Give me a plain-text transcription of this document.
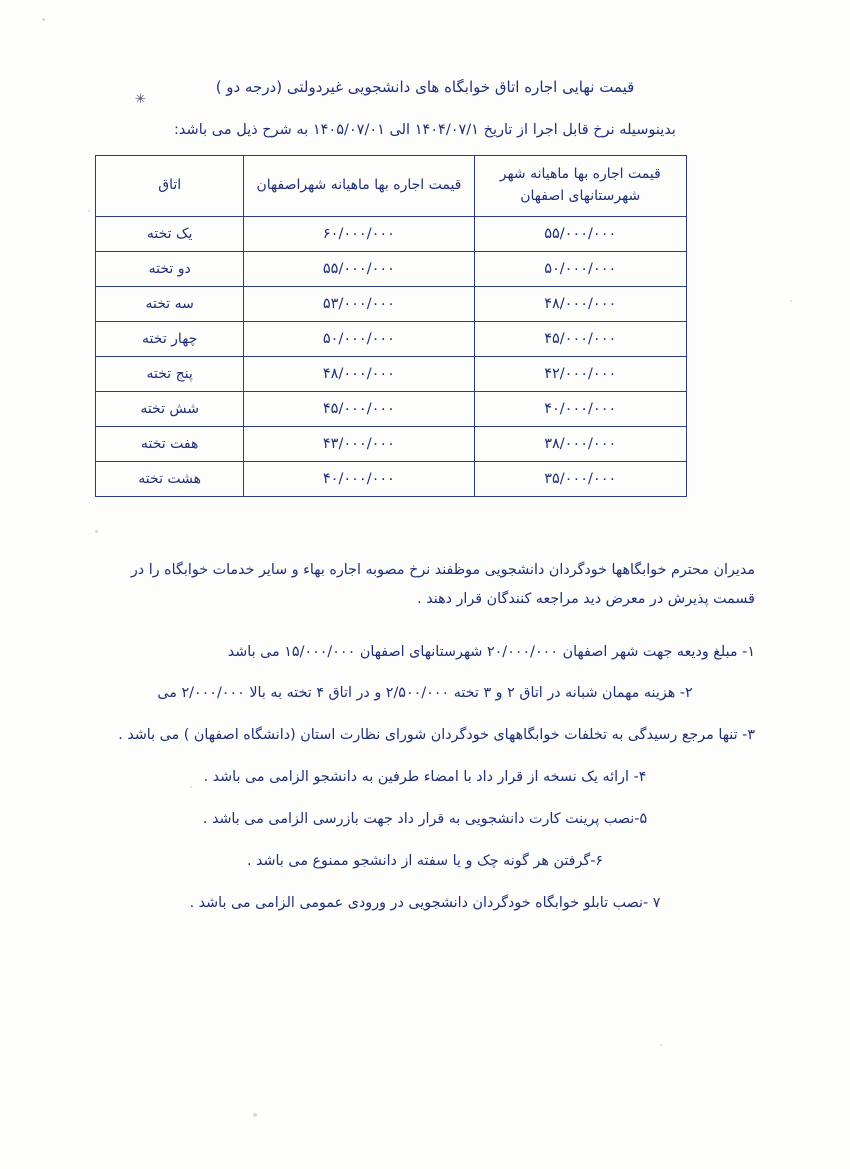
قیمت نهایی اجاره اتاق خوابگاه های دانشجویی غیردولتی (درجه دو )
✳
بدینوسیله نرخ قابل اجرا از تاریخ ۱۴۰۴/۰۷/۱ الی ۱۴۰۵/۰۷/۰۱ به شرح ذیل می باشد:
قیمت اجاره بها ماهیانه شهر شهرستانهای اصفهان	قیمت اجاره بها ماهیانه شهراصفهان	اتاق
۵۵/۰۰۰/۰۰۰	۶۰/۰۰۰/۰۰۰	یک تخته
۵۰/۰۰۰/۰۰۰	۵۵/۰۰۰/۰۰۰	دو تخته
۴۸/۰۰۰/۰۰۰	۵۳/۰۰۰/۰۰۰	سه تخته
۴۵/۰۰۰/۰۰۰	۵۰/۰۰۰/۰۰۰	چهار تخته
۴۲/۰۰۰/۰۰۰	۴۸/۰۰۰/۰۰۰	پنج تخته
۴۰/۰۰۰/۰۰۰	۴۵/۰۰۰/۰۰۰	شش تخته
۳۸/۰۰۰/۰۰۰	۴۳/۰۰۰/۰۰۰	هفت تخته
۳۵/۰۰۰/۰۰۰	۴۰/۰۰۰/۰۰۰	هشت تخته

مدیران محترم خوابگاهها خودگردان دانشجویی موظفند نرخ مصوبه اجاره بهاء و سایر خدمات خوابگاه را در قسمت پذیرش در معرض دید مراجعه کنندگان قرار دهند .

۱- مبلغ ودیعه جهت شهر اصفهان ۲۰/۰۰۰/۰۰۰ شهرستانهای اصفهان ۱۵/۰۰۰/۰۰۰ می باشد

۲- هزینه مهمان شبانه در اتاق ۲ و ۳ تخته ۲/۵۰۰/۰۰۰ و در اتاق ۴ تخته به بالا ۲/۰۰۰/۰۰۰ می

۳- تنها مرجع رسیدگی به تخلفات خوابگاههای خودگردان شورای نظارت استان (دانشگاه اصفهان ) می باشد .

۴- ارائه یک نسخه از قرار داد با امضاء طرفین به دانشجو الزامی می باشد .

۵-نصب پرینت کارت دانشجویی به قرار داد جهت بازرسی الزامی می باشد .

۶-گرفتن هر گونه چک و یا سفته از دانشجو ممنوع می باشد .

۷ -نصب تابلو خوابگاه خودگردان دانشجویی در ورودی عمومی الزامی می باشد .
